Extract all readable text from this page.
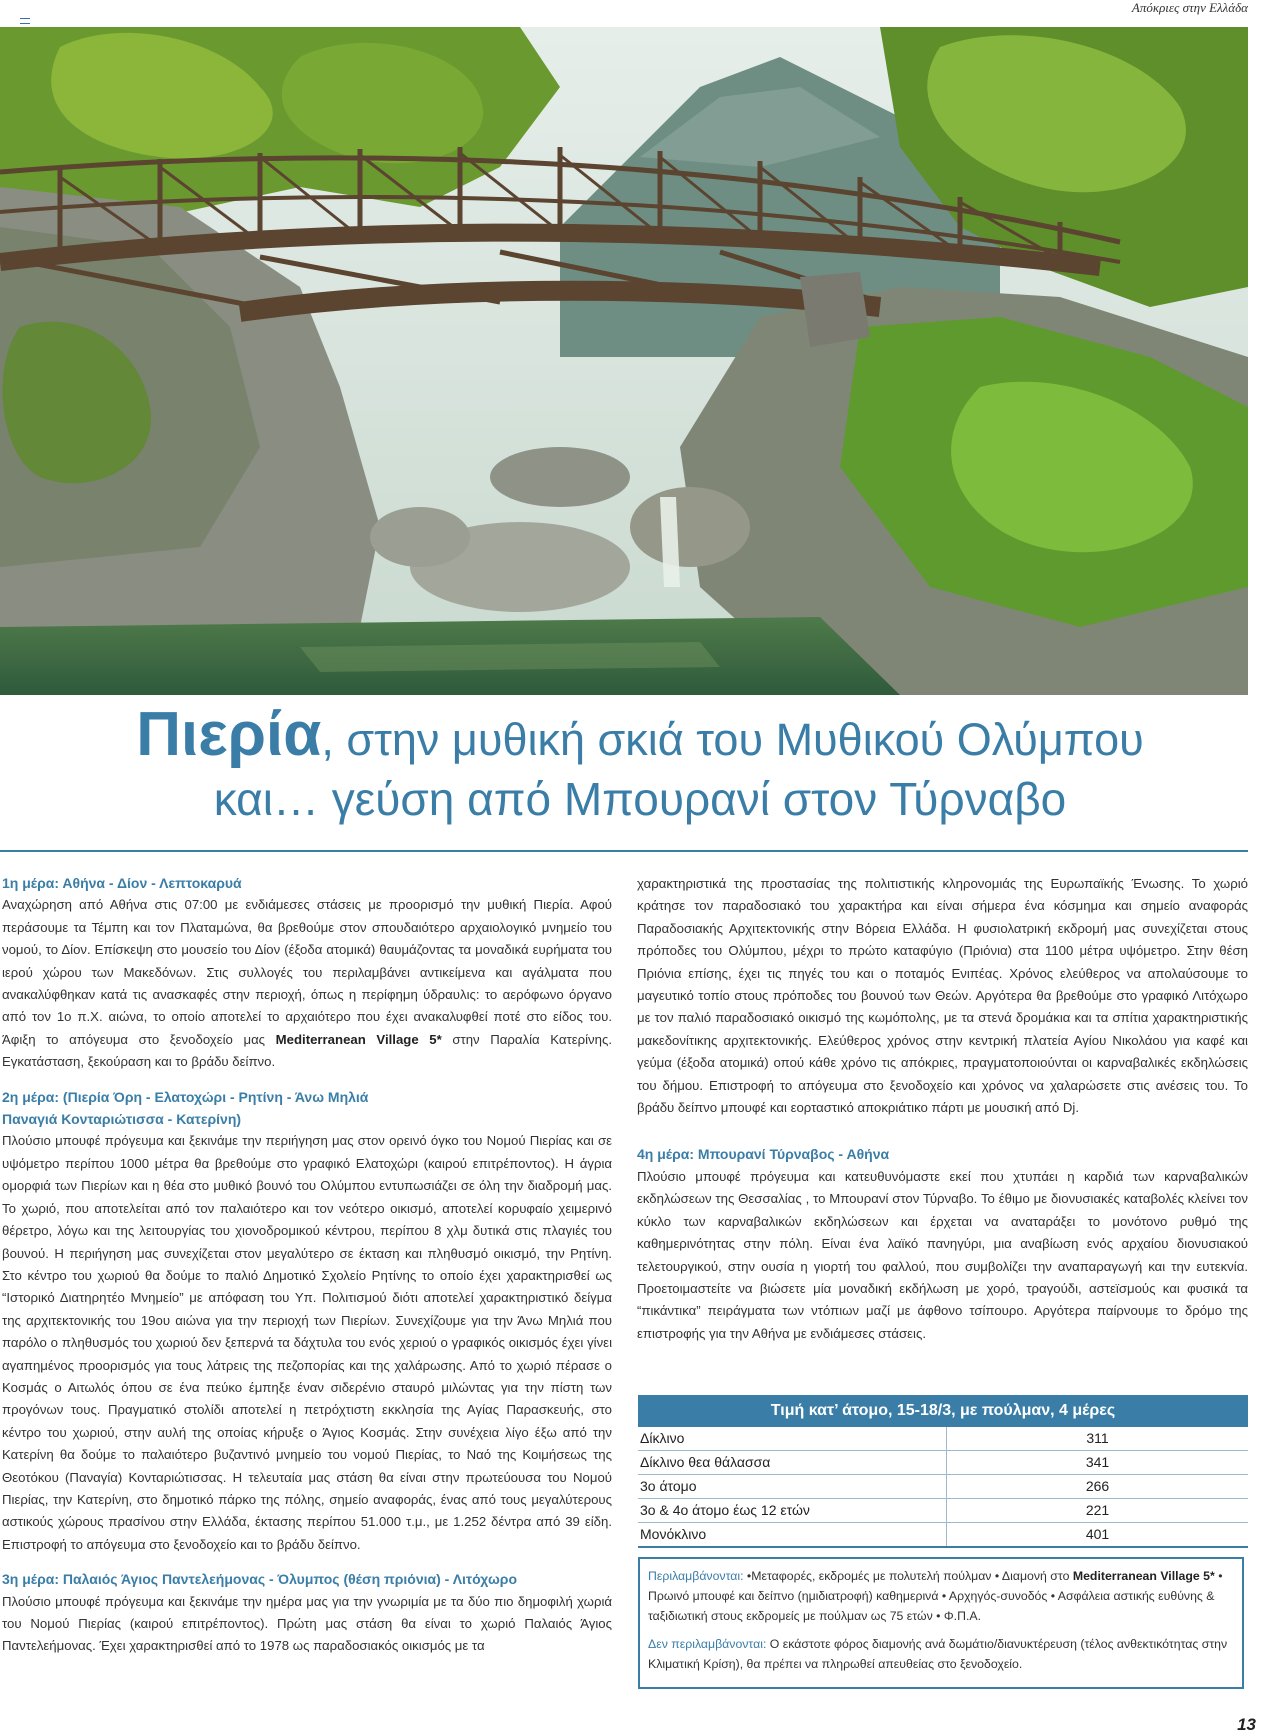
Απόκριες στην Ελλάδα
Πιερία, στην μυθική σκιά του Μυθικού Ολύμπου
και… γεύση από Μπουρανί στον Τύρναβο
1η μέρα: Αθήνα - Δίον - Λεπτοκαρυά

Αναχώρηση από Αθήνα στις 07:00 με ενδιάμεσες στάσεις με προορισμό την μυθική Πιερία. Αφού περάσουμε τα Τέμπη και τον Πλαταμώνα, θα βρεθούμε στον σπουδαιότερο αρχαιολογικό μνημείο του νομού, το Δίον. Επίσκεψη στο μουσείο του Δίον (έξοδα ατομικά) θαυμάζοντας τα μοναδικά ευρήματα του ιερού χώρου των Μακεδόνων. Στις συλλογές του περιλαμβάνει αντικείμενα και αγάλματα που ανακαλύφθηκαν κατά τις ανασκαφές στην περιοχή, όπως η περίφημη ύδραυλις: το αερόφωνο όργανο από τον 1ο π.Χ. αιώνα, το οποίο αποτελεί το αρχαιότερο που έχει ανακαλυφθεί ποτέ στο είδος του. Άφιξη το απόγευμα στο ξενοδοχείο μας Mediterranean Village 5* στην Παραλία Κατερίνης. Εγκατάσταση, ξεκούραση και το βράδυ δείπνο.

2η μέρα: (Πιερία Όρη - Ελατοχώρι - Ρητίνη - Άνω Μηλιά
Παναγιά Κονταριώτισσα - Κατερίνη)

Πλούσιο μπουφέ πρόγευμα και ξεκινάμε την περιήγηση μας στον ορεινό όγκο του Νομού Πιερίας και σε υψόμετρο περίπου 1000 μέτρα θα βρεθούμε στο γραφικό Ελατοχώρι (καιρού επιτρέποντος). Η άγρια ομορφιά των Πιερίων και η θέα στο μυθικό βουνό του Ολύμπου εντυπωσιάζει σε όλη την διαδρομή μας. Το χωριό, που αποτελείται από τον παλαιότερο και τον νεότερο οικισμό, αποτελεί κορυφαίο χειμερινό θέρετρο, λόγω και της λειτουργίας του χιονοδρομικού κέντρου, περίπου 8 χλμ δυτικά στις πλαγιές του βουνού. Η περιήγηση μας συνεχίζεται στον μεγαλύτερο σε έκταση και πληθυσμό οικισμό, την Ρητίνη. Στο κέντρο του χωριού θα δούμε το παλιό Δημοτικό Σχολείο Ρητίνης το οποίο έχει χαρακτηρισθεί ως “Ιστορικό Διατηρητέο Μνημείο” με απόφαση του Υπ. Πολιτισμού διότι αποτελεί χαρακτηριστικό δείγμα της αρχιτεκτονικής του 19ου αιώνα για την περιοχή των Πιερίων. Συνεχίζουμε για την Άνω Μηλιά που παρόλο ο πληθυσμός του χωριού δεν ξεπερνά τα δάχτυλα του ενός χεριού ο γραφικός οικισμός έχει γίνει αγαπημένος προορισμός για τους λάτρεις της πεζοπορίας και της χαλάρωσης. Από το χωριό πέρασε ο Κοσμάς ο Αιτωλός όπου σε ένα πεύκο έμπηξε έναν σιδερένιο σταυρό μιλώντας για την πίστη των προγόνων τους. Πραγματικό στολίδι αποτελεί η πετρόχτιστη εκκλησία της Αγίας Παρασκευής, στο κέντρο του χωριού, στην αυλή της οποίας κήρυξε ο Άγιος Κοσμάς. Στην συνέχεια λίγο έξω από την Κατερίνη θα δούμε το παλαιότερο βυζαντινό μνημείο του νομού Πιερίας, το Ναό της Κοιμήσεως της Θεοτόκου (Παναγία) Κονταριώτισσας. Η τελευταία μας στάση θα είναι στην πρωτεύουσα του Νομού Πιερίας, την Κατερίνη, στο δημοτικό πάρκο της πόλης, σημείο αναφοράς, ένας από τους μεγαλύτερους αστικούς χώρους πρασίνου στην Ελλάδα, έκτασης περίπου 51.000 τ.μ., με 1.252 δέντρα από 39 είδη. Επιστροφή το απόγευμα στο ξενοδοχείο και το βράδυ δείπνο.

3η μέρα: Παλαιός Άγιος Παντελεήμονας - Όλυμπος (θέση πριόνια) - Λιτόχωρο

Πλούσιο μπουφέ πρόγευμα και ξεκινάμε την ημέρα μας για την γνωριμία με τα δύο πιο δημοφιλή χωριά του Νομού Πιερίας (καιρού επιτρέποντος). Πρώτη μας στάση θα είναι το χωριό Παλαιός Άγιος Παντελεήμονας. Έχει χαρακτηρισθεί από το 1978 ως παραδοσιακός οικισμός με τα

χαρακτηριστικά της προστασίας της πολιτιστικής κληρονομιάς της Ευρωπαϊκής Ένωσης. Το χωριό κράτησε τον παραδοσιακό του χαρακτήρα και είναι σήμερα ένα κόσμημα και σημείο αναφοράς Παραδοσιακής Αρχιτεκτονικής στην Βόρεια Ελλάδα. Η φυσιολατρική εκδρομή μας συνεχίζεται στους πρόποδες του Ολύμπου, μέχρι το πρώτο καταφύγιο (Πριόνια) στα 1100 μέτρα υψόμετρο. Στην θέση Πριόνια επίσης, έχει τις πηγές του και ο ποταμός Ενιπέας. Χρόνος ελεύθερος να απολαύσουμε το μαγευτικό τοπίο στους πρόποδες του βουνού των Θεών. Αργότερα θα βρεθούμε στο γραφικό Λιτόχωρο με τον παλιό παραδοσιακό οικισμό της κωμόπολης, με τα στενά δρομάκια και τα σπίτια χαρακτηριστικής μακεδονίτικης αρχιτεκτονικής. Ελεύθερος χρόνος στην κεντρική πλατεία Αγίου Νικολάου για καφέ και γεύμα (έξοδα ατομικά) οπού κάθε χρόνο τις απόκριες, πραγματοποιούνται οι καρναβαλικές εκδηλώσεις του δήμου. Επιστροφή το απόγευμα στο ξενοδοχείο και χρόνος να χαλαρώσετε στις ανέσεις του. Το βράδυ δείπνο μπουφέ και εορταστικό αποκριάτικο πάρτι με μουσική από Dj.

4η μέρα: Μπουρανί Τύρναβος - Αθήνα

Πλούσιο μπουφέ πρόγευμα και κατευθυνόμαστε εκεί που χτυπάει η καρδιά των καρναβαλικών εκδηλώσεων της Θεσσαλίας , το Μπουρανί στον Τύρναβο. Το έθιμο με διονυσιακές καταβολές κλείνει τον κύκλο των καρναβαλικών εκδηλώσεων και έρχεται να αναταράξει το μονότονο ρυθμό της καθημερινότητας στην πόλη. Είναι ένα λαϊκό πανηγύρι, μια αναβίωση ενός αρχαίου διονυσιακού τελετουργικού, στην ουσία η γιορτή του φαλλού, που συμβολίζει την αναπαραγωγή και την ευτεκνία. Προετοιμαστείτε να βιώσετε μία μοναδική εκδήλωση με χορό, τραγούδι, αστεϊσμούς και φυσικά τα “πικάντικα” πειράγματα των ντόπιων μαζί με άφθονο τσίπουρο. Αργότερα παίρνουμε το δρόμο της επιστροφής για την Αθήνα με ενδιάμεσες στάσεις.

Τιμή κατ’ άτομο, 15-18/3, με πούλμαν, 4 μέρες
Δίκλινο	311
Δίκλινο θεα θάλασσα	341
3ο άτομο	266
3ο & 4ο άτομο έως 12 ετών	221
Μονόκλινο	401
Περιλαμβάνονται: •Μεταφορές, εκδρομές με πολυτελή πούλμαν • Διαμονή στο Mediterranean Village 5* • Πρωινό μπουφέ και δείπνο (ημιδιατροφή) καθημερινά • Αρχηγός-συνοδός • Ασφάλεια αστικής ευθύνης & ταξιδιωτική στους εκδρομείς με πούλμαν ως 75 ετών • Φ.Π.Α.
Δεν περιλαμβάνονται: Ο εκάστοτε φόρος διαμονής ανά δωμάτιο/διανυκτέρευση (τέλος ανθεκτικότητας στην Κλιματική Κρίση), θα πρέπει να πληρωθεί απευθείας στο ξενοδοχείο.
13
